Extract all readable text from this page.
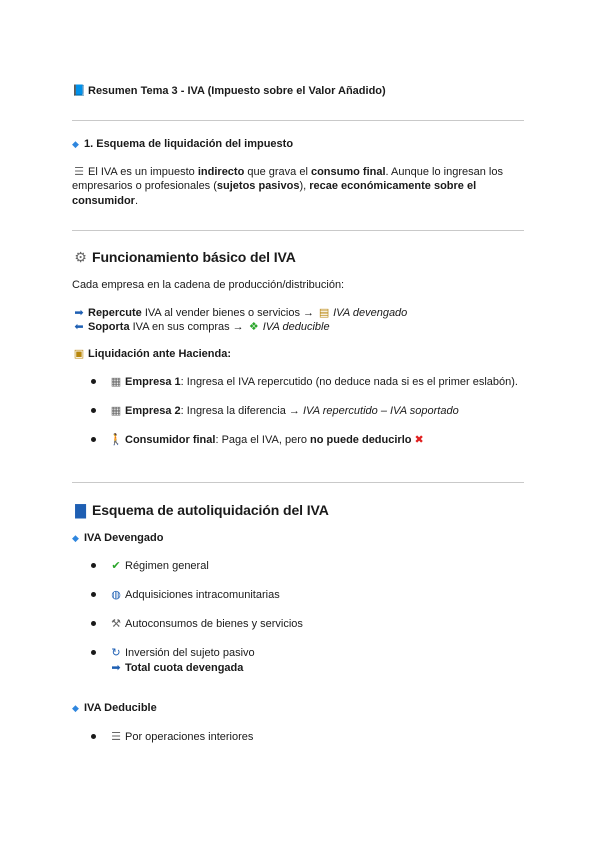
📘 Resumen Tema 3 - IVA (Impuesto sobre el Valor Añadido)
◆ 1. Esquema de liquidación del impuesto
☰ El IVA es un impuesto indirecto que grava el consumo final. Aunque lo ingresan los
empresarios o profesionales (sujetos pasivos), recae económicamente sobre el
consumidor.
⚙ Funcionamiento básico del IVA
Cada empresa en la cadena de producción/distribución:
➡ Repercute IVA al vender bienes o servicios → ▤ IVA devengado
⬅ Soporta IVA en sus compras → ❖ IVA deducible
▣ Liquidación ante Hacienda:
▦ Empresa 1: Ingresa el IVA repercutido (no deduce nada si es el primer eslabón).
▦ Empresa 2: Ingresa la diferencia → IVA repercutido – IVA soportado
🚶 Consumidor final: Paga el IVA, pero no puede deducirlo ✖
▇ Esquema de autoliquidación del IVA
◆ IVA Devengado
✔ Régimen general
◍ Adquisiciones intracomunitarias
⚒ Autoconsumos de bienes y servicios
↻ Inversión del sujeto pasivo
➡ Total cuota devengada
◆ IVA Deducible
☰ Por operaciones interiores
